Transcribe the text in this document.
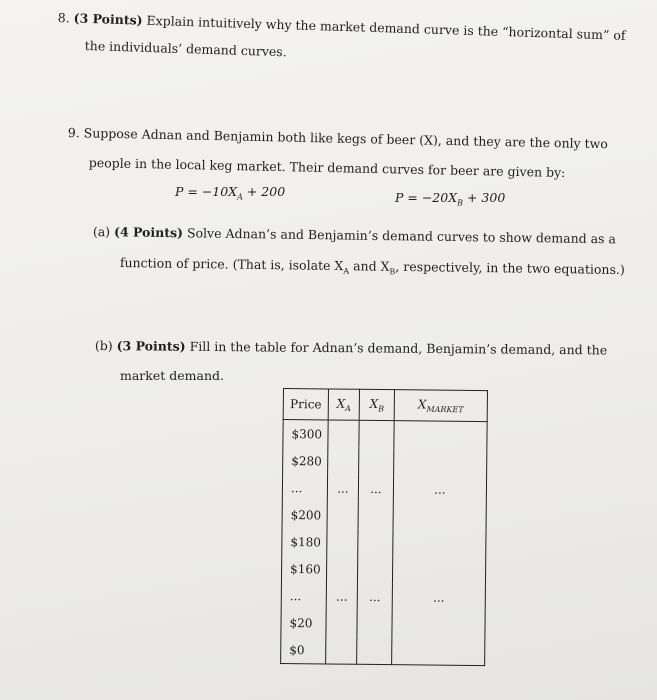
8. (3 Points) Explain intuitively why the market demand curve is the “horizontal sum” of
the individuals’ demand curves.
9. Suppose Adnan and Benjamin both like kegs of beer (X), and they are the only two
people in the local keg market. Their demand curves for beer are given by:
$P = -10X_A + 200$	$P = -20X_B + 300$
(a) (4 Points) Solve Adnan’s and Benjamin’s demand curves to show demand as a
function of price. (That is, isolate $X_A$ and $X_B$, respectively, in the two equations.)
(b) (3 Points) Fill in the table for Adnan’s demand, Benjamin’s demand, and the
market demand.
Price	$X_A$	$X_B$	$X_{MARKET}$
$300			
$280			
...	...	...	...
$200			
$180			
$160			
...	...	...	...
$20			
$0			
